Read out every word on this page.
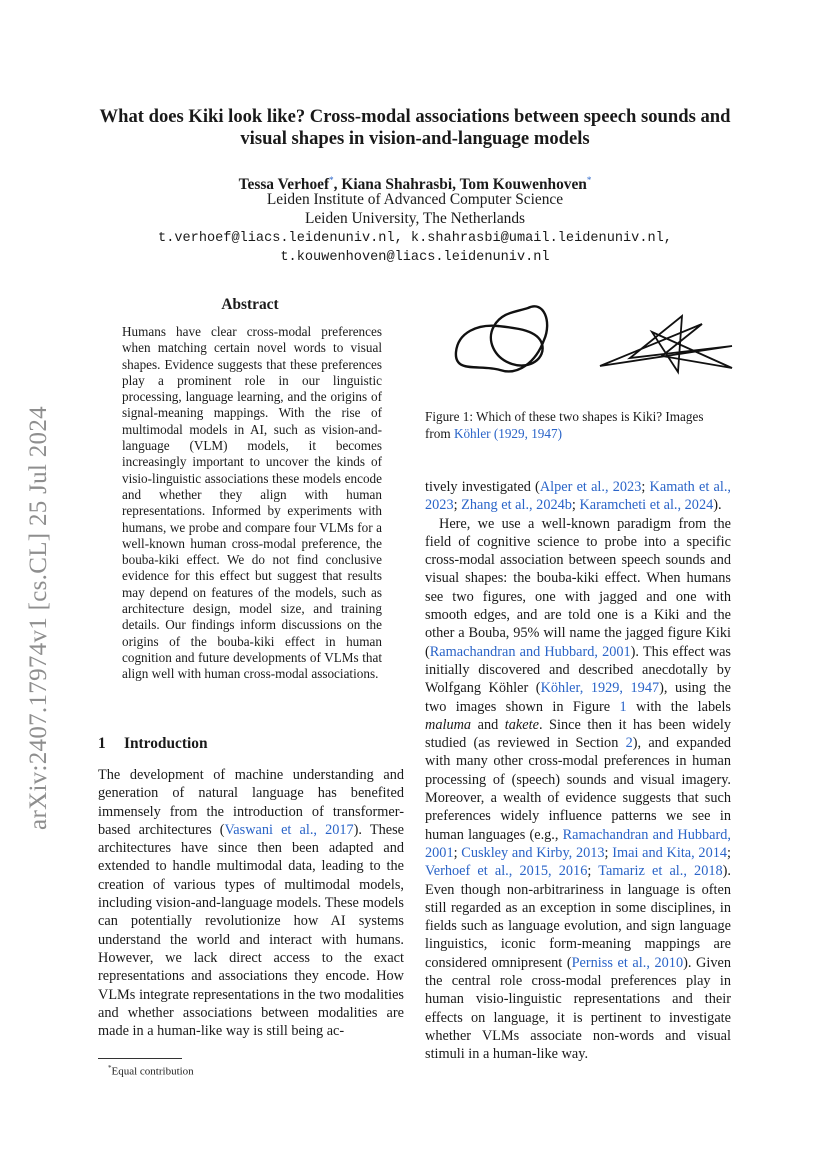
arXiv:2407.17974v1 [cs.CL] 25 Jul 2024
What does Kiki look like? Cross-modal associations between speech sounds and visual shapes in vision-and-language models
Tessa Verhoef*, Kiana Shahrasbi, Tom Kouwenhoven*
Leiden Institute of Advanced Computer Science
Leiden University, The Netherlands
t.verhoef@liacs.leidenuniv.nl, k.shahrasbi@umail.leidenuniv.nl,
t.kouwenhoven@liacs.leidenuniv.nl
Abstract
Humans have clear cross-modal preferences when matching certain novel words to visual shapes. Evidence suggests that these preferences play a prominent role in our linguistic processing, language learning, and the origins of signal-meaning mappings. With the rise of multimodal models in AI, such as vision-and-language (VLM) models, it becomes increasingly important to uncover the kinds of visio-linguistic associations these models encode and whether they align with human representations. Informed by experiments with humans, we probe and compare four VLMs for a well-known human cross-modal preference, the bouba-kiki effect. We do not find conclusive evidence for this effect but suggest that results may depend on features of the models, such as architecture design, model size, and training details. Our findings inform discussions on the origins of the bouba-kiki effect in human cognition and future developments of VLMs that align well with human cross-modal associations.
1 Introduction
The development of machine understanding and generation of natural language has benefited immensely from the introduction of transformer-based architectures (Vaswani et al., 2017). These architectures have since then been adapted and extended to handle multimodal data, leading to the creation of various types of multimodal models, including vision-and-language models. These models can potentially revolutionize how AI systems understand the world and interact with humans. However, we lack direct access to the exact representations and associations they encode. How VLMs integrate representations in the two modalities and whether associations between modalities are made in a human-like way is still being ac-
*Equal contribution
Figure 1: Which of these two shapes is Kiki? Images from Köhler (1929, 1947)

tively investigated (Alper et al., 2023; Kamath et al., 2023; Zhang et al., 2024b; Karamcheti et al., 2024).

Here, we use a well-known paradigm from the field of cognitive science to probe into a specific cross-modal association between speech sounds and visual shapes: the bouba-kiki effect. When humans see two figures, one with jagged and one with smooth edges, and are told one is a Kiki and the other a Bouba, 95% will name the jagged figure Kiki (Ramachandran and Hubbard, 2001). This effect was initially discovered and described anecdotally by Wolfgang Köhler (Köhler, 1929, 1947), using the two images shown in Figure 1 with the labels maluma and takete. Since then it has been widely studied (as reviewed in Section 2), and expanded with many other cross-modal preferences in human processing of (speech) sounds and visual imagery. Moreover, a wealth of evidence suggests that such preferences widely influence patterns we see in human languages (e.g., Ramachandran and Hubbard, 2001; Cuskley and Kirby, 2013; Imai and Kita, 2014; Verhoef et al., 2015, 2016; Tamariz et al., 2018). Even though non-arbitrariness in language is often still regarded as an exception in some disciplines, in fields such as language evolution, and sign language linguistics, iconic form-meaning mappings are considered omnipresent (Perniss et al., 2010). Given the central role cross-modal preferences play in human visio-linguistic representations and their effects on language, it is pertinent to investigate whether VLMs associate non-words and visual stimuli in a human-like way.
